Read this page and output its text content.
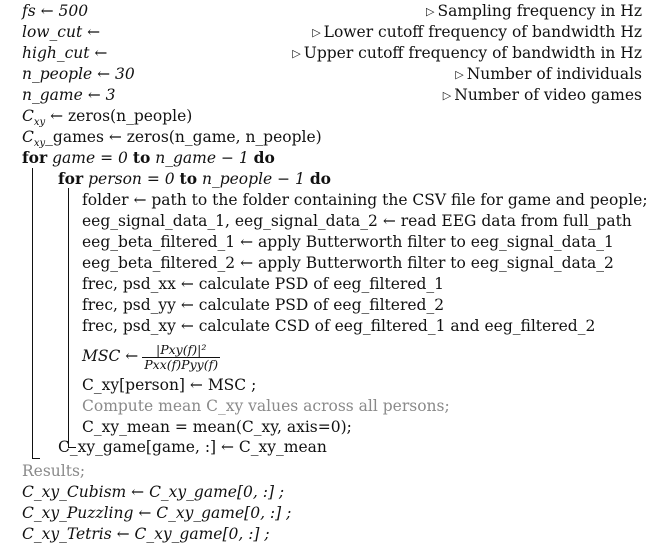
fs ← 500	▷ Sampling frequency in Hz
low_cut ←	▷ Lower cutoff frequency of bandwidth Hz
high_cut ←	▷ Upper cutoff frequency of bandwidth in Hz
n_people ← 30	▷ Number of individuals
n_game ← 3	▷ Number of video games
$C_{xy}$ ← zeros(n_people)
$C_{xy}\_games$ ← zeros(n_game, n_people)
for game = 0 to n_game − 1 do
for person = 0 to n_people − 1 do
folder ← path to the folder containing the CSV file for game and people;
eeg_signal_data_1, eeg_signal_data_2 ← read EEG data from full_path
eeg_beta_filtered_1 ← apply Butterworth filter to eeg_signal_data_1
eeg_beta_filtered_2 ← apply Butterworth filter to eeg_signal_data_2
frec, psd_xx ← calculate PSD of eeg_filtered_1
frec, psd_yy ← calculate PSD of eeg_filtered_2
frec, psd_xy ← calculate CSD of eeg_filtered_1 and eeg_filtered_2
MSC ← $\frac{\text{|Pxy(f)|²}}{\text{Pxx(f)Pyy(f)}}$
C_xy[person] ← MSC ;
Compute mean C_xy values across all persons;
C_xy_mean = mean(C_xy, axis=0);
C_xy_game[game, :] ← C_xy_mean
Results;
C_xy_Cubism ← C_xy_game[0, :] ;
C_xy_Puzzling ← C_xy_game[0, :] ;
C_xy_Tetris ← C_xy_game[0, :] ;
